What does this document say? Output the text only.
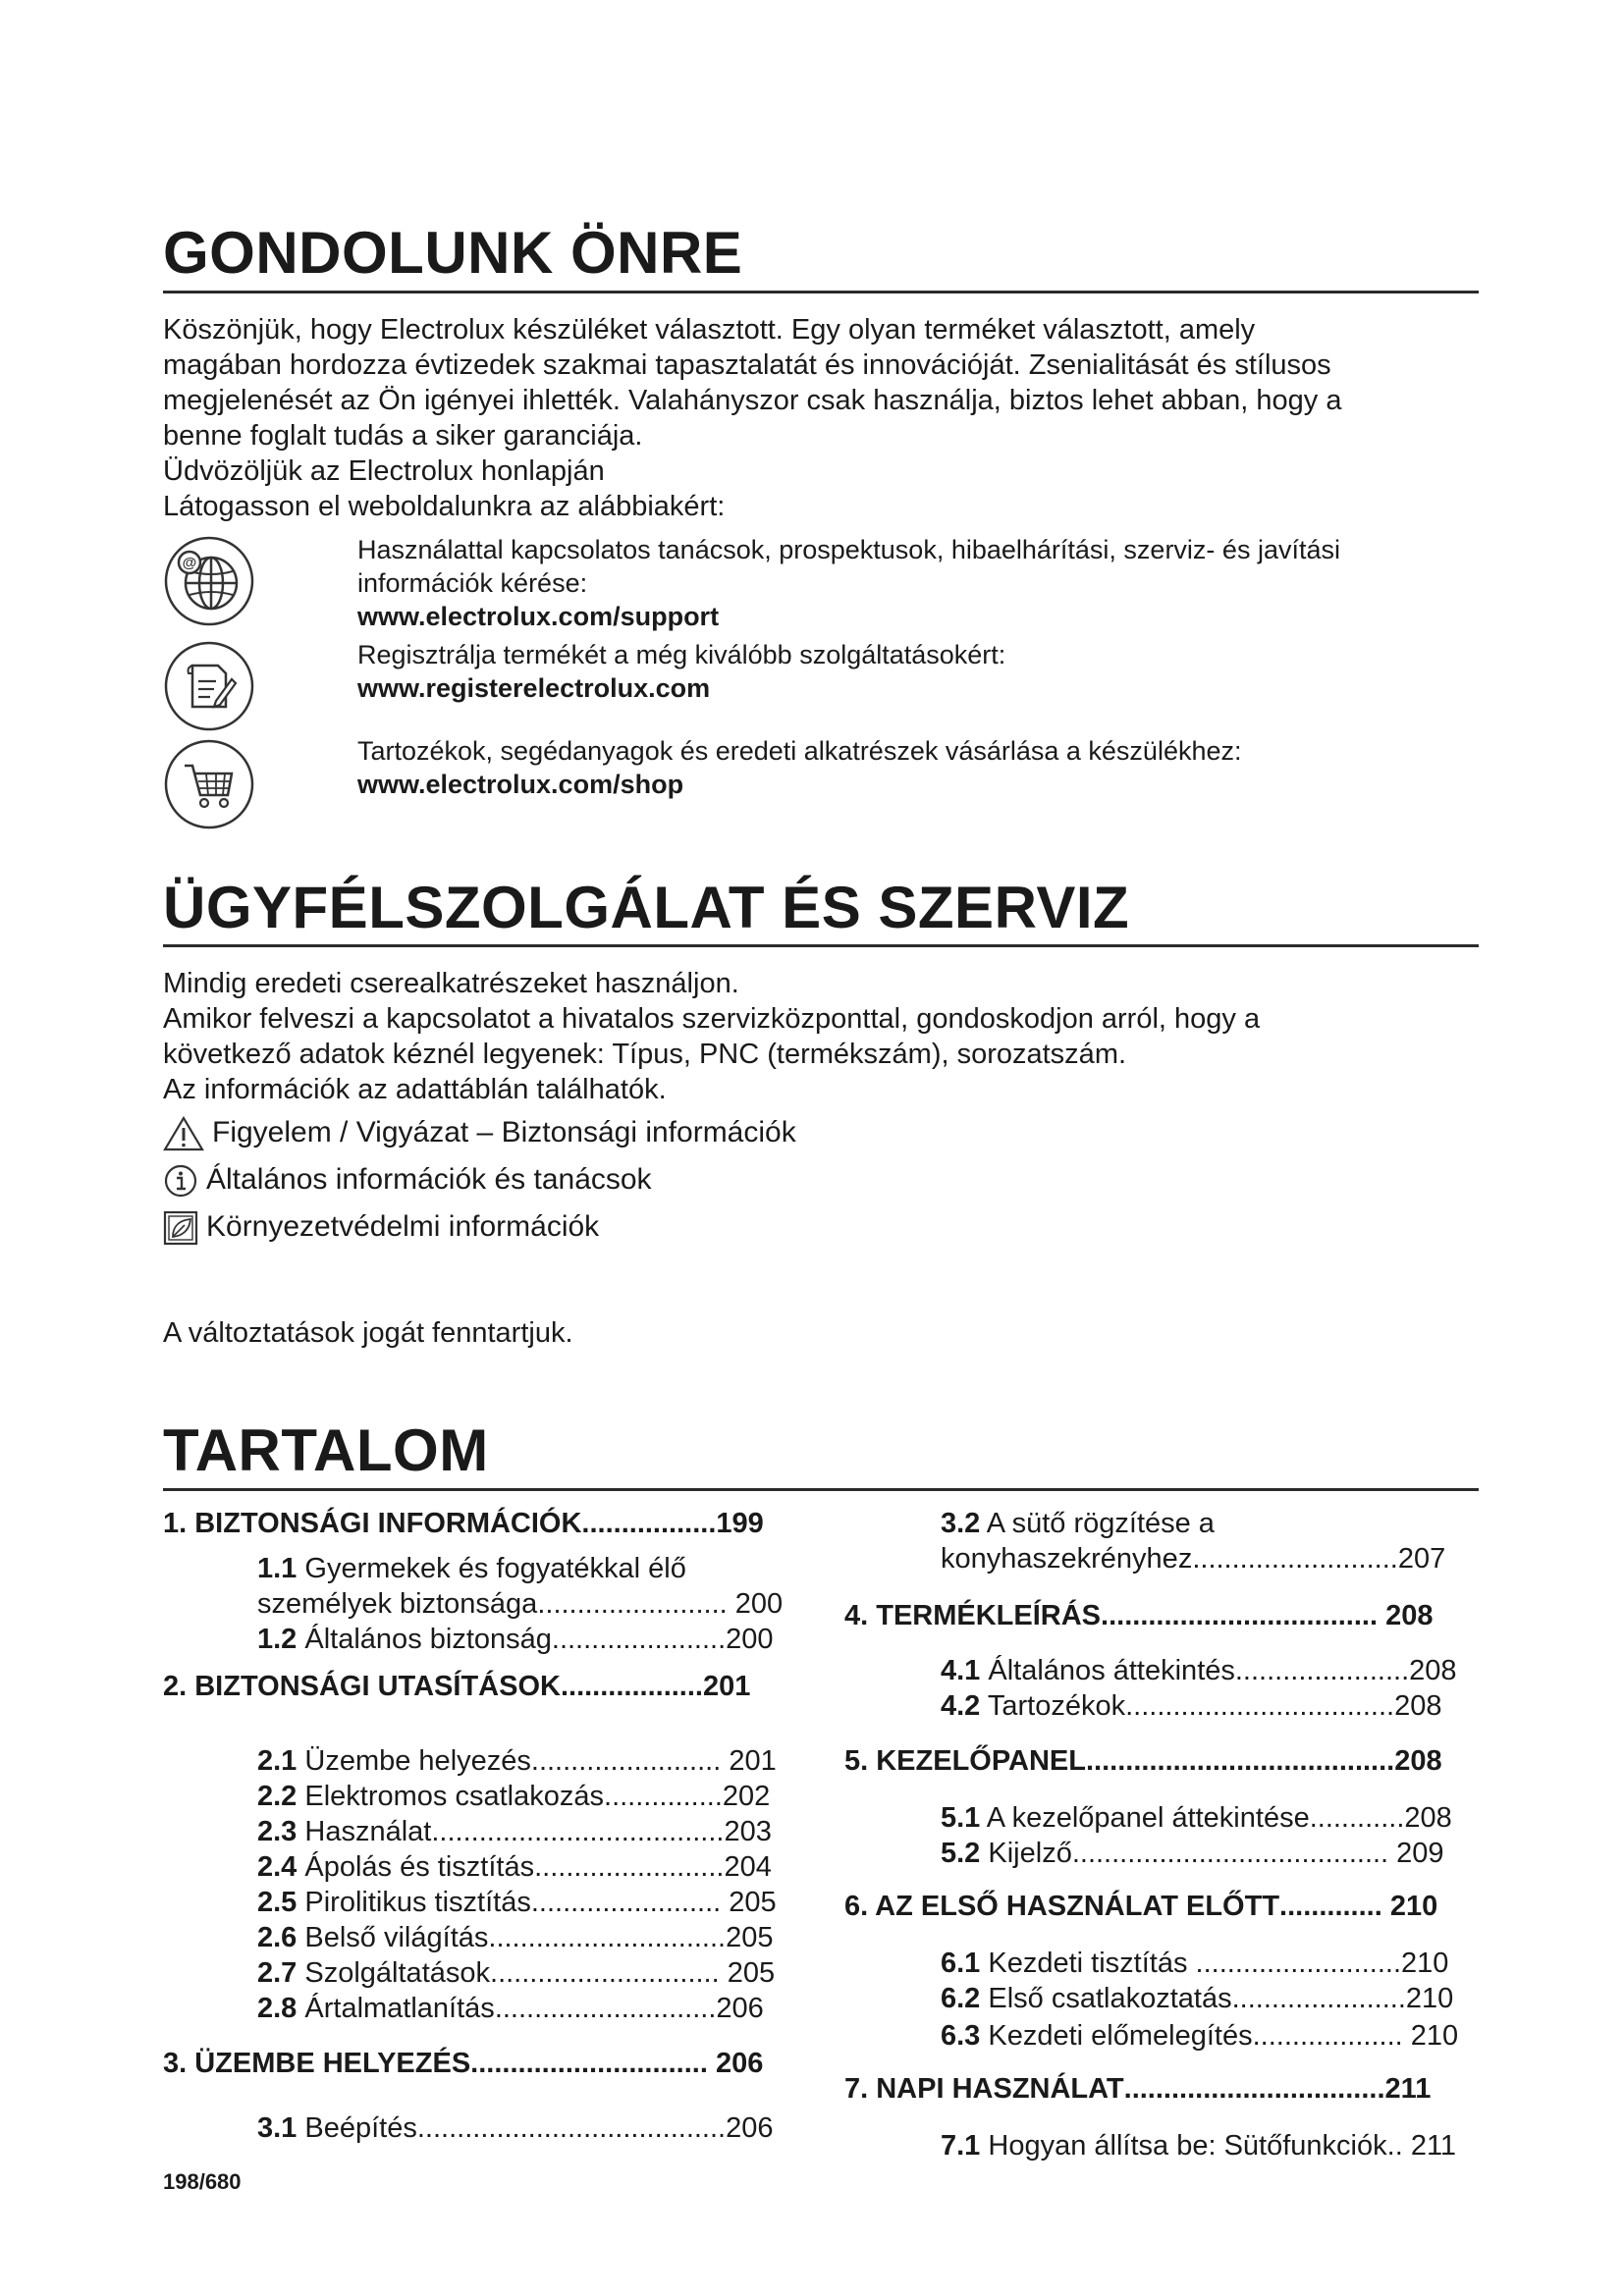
GONDOLUNK ÖNRE
Köszönjük, hogy Electrolux készüléket választott. Egy olyan terméket választott, amely
magában hordozza évtizedek szakmai tapasztalatát és innovációját. Zsenialitását és stílusos
megjelenését az Ön igényei ihlették. Valahányszor csak használja, biztos lehet abban, hogy a
benne foglalt tudás a siker garanciája.
Üdvözöljük az Electrolux honlapján
Látogasson el weboldalunkra az alábbiakért:
@	Használattal kapcsolatos tanácsok, prospektusok, hibaelhárítási, szerviz- és javítási
információk kérése:
www.electrolux.com/support
Regisztrálja termékét a még kiválóbb szolgáltatásokért:
www.registerelectrolux.com
Tartozékok, segédanyagok és eredeti alkatrészek vásárlása a készülékhez:
www.electrolux.com/shop
ÜGYFÉLSZOLGÁLAT ÉS SZERVIZ
Mindig eredeti cserealkatrészeket használjon.
Amikor felveszi a kapcsolatot a hivatalos szervizközponttal, gondoskodjon arról, hogy a
következő adatok kéznél legyenek: Típus, PNC (termékszám), sorozatszám.
Az információk az adattáblán találhatók.
Figyelem / Vigyázat – Biztonsági információk
Általános információk és tanácsok
Környezetvédelmi információk
A változtatások jogát fenntartjuk.
TARTALOM
1. BIZTONSÁGI INFORMÁCIÓK.................199
1.1 Gyermekek és fogyatékkal élő
személyek biztonsága........................ 200
1.2 Általános biztonság......................200
2. BIZTONSÁGI UTASÍTÁSOK..................201
2.1 Üzembe helyezés........................ 201
2.2 Elektromos csatlakozás...............202
2.3 Használat.....................................203
2.4 Ápolás és tisztítás........................204
2.5 Pirolitikus tisztítás........................ 205
2.6 Belső világítás..............................205
2.7 Szolgáltatások............................. 205
2.8 Ártalmatlanítás............................206
3. ÜZEMBE HELYEZÉS.............................. 206
3.1 Beépítés.......................................206
3.2 A sütő rögzítése a
konyhaszekrényhez..........................207
4. TERMÉKLEÍRÁS................................... 208
4.1 Általános áttekintés......................208
4.2 Tartozékok..................................208
5. KEZELŐPANEL.......................................208
5.1 A kezelőpanel áttekintése............208
5.2 Kijelző........................................ 209
6. AZ ELSŐ HASZNÁLAT ELŐTT............. 210
6.1 Kezdeti tisztítás ..........................210
6.2 Első csatlakoztatás......................210
6.3 Kezdeti előmelegítés................... 210
7. NAPI HASZNÁLAT.................................211
7.1 Hogyan állítsa be: Sütőfunkciók.. 211
198/680
